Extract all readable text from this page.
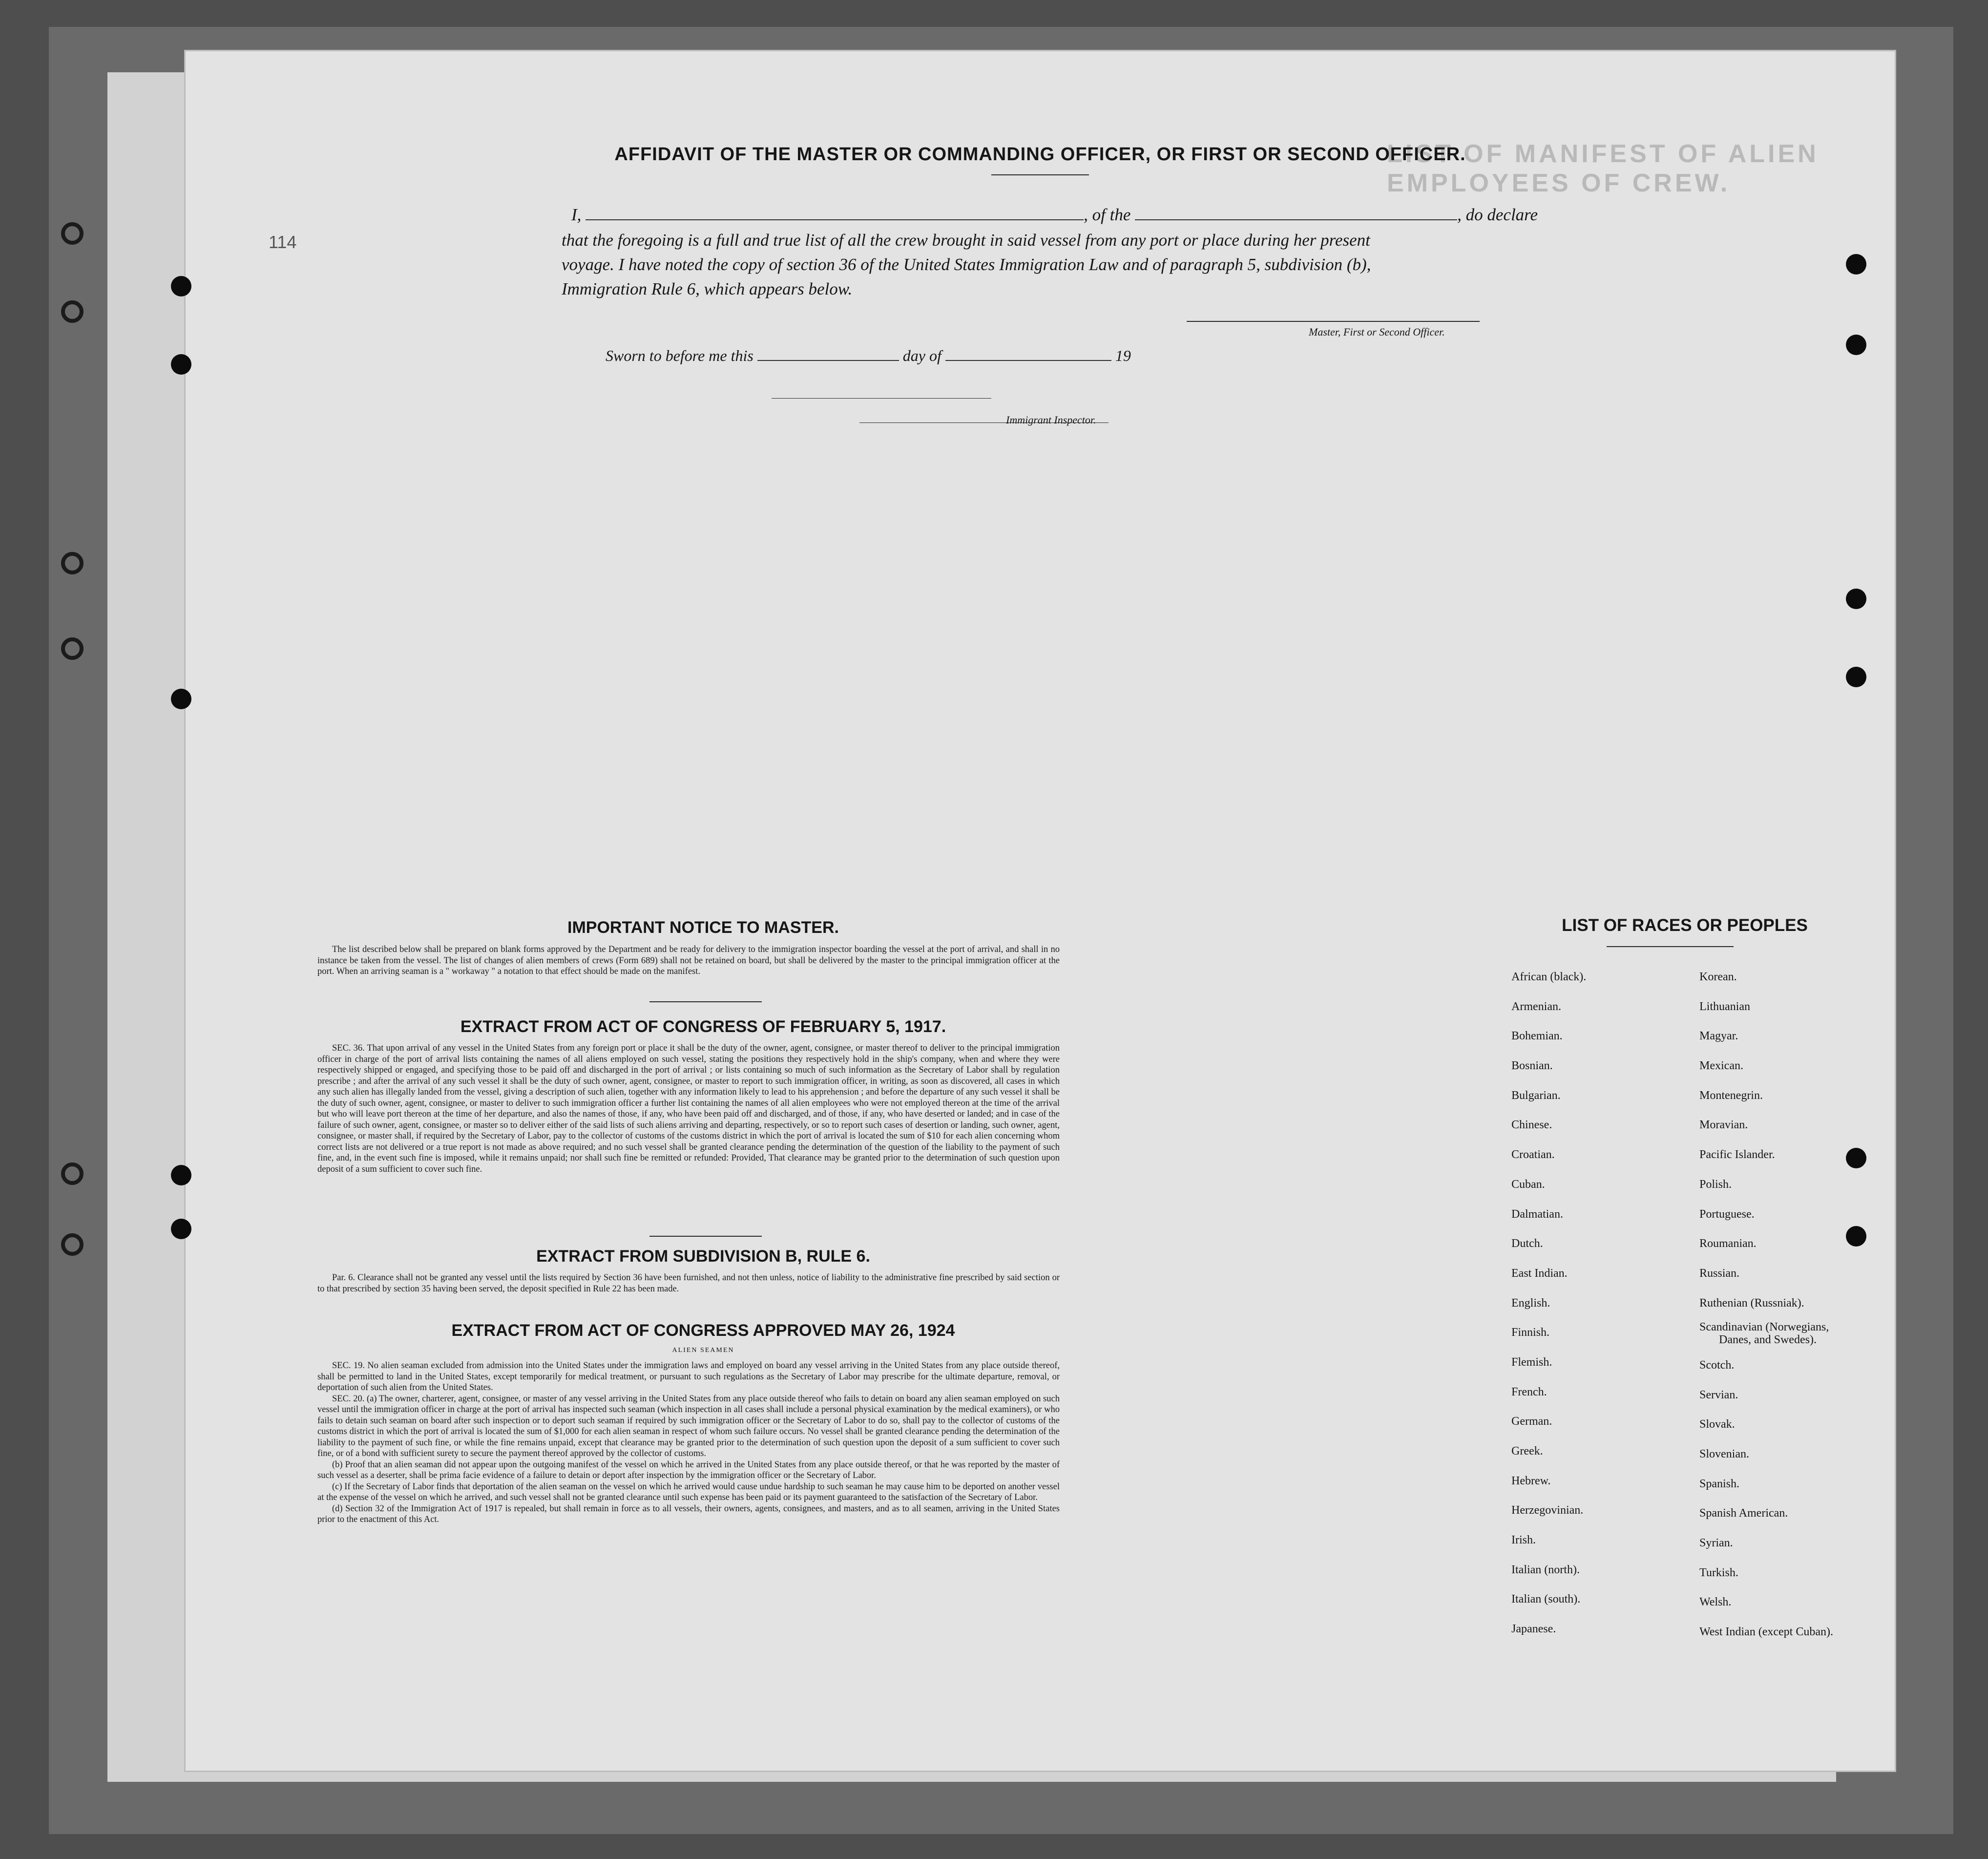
LIST OF MANIFEST OF ALIEN EMPLOYEES OF CREW.
114
AFFIDAVIT OF THE MASTER OR COMMANDING OFFICER, OR FIRST OR SECOND OFFICER.
I,	, of the	, do declare
that the foregoing is a full and true list of all the crew brought in said vessel from any port or place during her present
voyage. I have noted the copy of section 36 of the United States Immigration Law and of paragraph 5, subdivision (b),
Immigration Rule 6, which appears below.
Master, First or Second Officer.
Sworn to before me this	day of	19
Immigrant Inspector.
IMPORTANT NOTICE TO MASTER.

The list described below shall be prepared on blank forms approved by the Department and be ready for delivery to the immigration inspector boarding the vessel at the port of arrival, and shall in no instance be taken from the vessel. The list of changes of alien members of crews (Form 689) shall not be retained on board, but shall be delivered by the master to the principal immigration officer at the port. When an arriving seaman is a " workaway " a notation to that effect should be made on the manifest.

EXTRACT FROM ACT OF CONGRESS OF FEBRUARY 5, 1917.

SEC. 36. That upon arrival of any vessel in the United States from any foreign port or place it shall be the duty of the owner, agent, consignee, or master thereof to deliver to the principal immigration officer in charge of the port of arrival lists containing the names of all aliens employed on such vessel, stating the positions they respectively hold in the ship's company, when and where they were respectively shipped or engaged, and specifying those to be paid off and discharged in the port of arrival ; or lists containing so much of such information as the Secretary of Labor shall by regulation prescribe ; and after the arrival of any such vessel it shall be the duty of such owner, agent, consignee, or master to report to such immigration officer, in writing, as soon as discovered, all cases in which any such alien has illegally landed from the vessel, giving a description of such alien, together with any information likely to lead to his apprehension ; and before the departure of any such vessel it shall be the duty of such owner, agent, consignee, or master to deliver to such immigration officer a further list containing the names of all alien employees who were not employed thereon at the time of the arrival but who will leave port thereon at the time of her departure, and also the names of those, if any, who have been paid off and discharged, and of those, if any, who have deserted or landed; and in case of the failure of such owner, agent, consignee, or master so to deliver either of the said lists of such aliens arriving and departing, respectively, or so to report such cases of desertion or landing, such owner, agent, consignee, or master shall, if required by the Secretary of Labor, pay to the collector of customs of the customs district in which the port of arrival is located the sum of $10 for each alien concerning whom correct lists are not delivered or a true report is not made as above required; and no such vessel shall be granted clearance pending the determination of the question of the liability to the payment of such fine, and, in the event such fine is imposed, while it remains unpaid; nor shall such fine be remitted or refunded: Provided, That clearance may be granted prior to the determination of such question upon deposit of a sum sufficient to cover such fine.

EXTRACT FROM SUBDIVISION B, RULE 6.

Par. 6. Clearance shall not be granted any vessel until the lists required by Section 36 have been furnished, and not then unless, notice of liability to the administrative fine prescribed by said section or to that prescribed by section 35 having been served, the deposit specified in Rule 22 has been made.

EXTRACT FROM ACT OF CONGRESS APPROVED MAY 26, 1924
ALIEN SEAMEN

SEC. 19. No alien seaman excluded from admission into the United States under the immigration laws and employed on board any vessel arriving in the United States from any place outside thereof, shall be permitted to land in the United States, except temporarily for medical treatment, or pursuant to such regulations as the Secretary of Labor may prescribe for the ultimate departure, removal, or deportation of such alien from the United States.

SEC. 20. (a) The owner, charterer, agent, consignee, or master of any vessel arriving in the United States from any place outside thereof who fails to detain on board any alien seaman employed on such vessel until the immigration officer in charge at the port of arrival has inspected such seaman (which inspection in all cases shall include a personal physical examination by the medical examiners), or who fails to detain such seaman on board after such inspection or to deport such seaman if required by such immigration officer or the Secretary of Labor to do so, shall pay to the collector of customs of the customs district in which the port of arrival is located the sum of $1,000 for each alien seaman in respect of whom such failure occurs. No vessel shall be granted clearance pending the determination of the liability to the payment of such fine, or while the fine remains unpaid, except that clearance may be granted prior to the determination of such question upon the deposit of a sum sufficient to cover such fine, or of a bond with sufficient surety to secure the payment thereof approved by the collector of customs.

(b) Proof that an alien seaman did not appear upon the outgoing manifest of the vessel on which he arrived in the United States from any place outside thereof, or that he was reported by the master of such vessel as a deserter, shall be prima facie evidence of a failure to detain or deport after inspection by the immigration officer or the Secretary of Labor.

(c) If the Secretary of Labor finds that deportation of the alien seaman on the vessel on which he arrived would cause undue hardship to such seaman he may cause him to be deported on another vessel at the expense of the vessel on which he arrived, and such vessel shall not be granted clearance until such expense has been paid or its payment guaranteed to the satisfaction of the Secretary of Labor.

(d) Section 32 of the Immigration Act of 1917 is repealed, but shall remain in force as to all vessels, their owners, agents, consignees, and masters, and as to all seamen, arriving in the United States prior to the enactment of this Act.

LIST OF RACES OR PEOPLES
African (black).
Armenian.
Bohemian.
Bosnian.
Bulgarian.
Chinese.
Croatian.
Cuban.
Dalmatian.
Dutch.
East Indian.
English.
Finnish.
Flemish.
French.
German.
Greek.
Hebrew.
Herzegovinian.
Irish.
Italian (north).
Italian (south).
Japanese.
Korean.
Lithuanian
Magyar.
Mexican.
Montenegrin.
Moravian.
Pacific Islander.
Polish.
Portuguese.
Roumanian.
Russian.
Ruthenian (Russniak).
Scandinavian (Norwegians,
Danes, and Swedes).
Scotch.
Servian.
Slovak.
Slovenian.
Spanish.
Spanish American.
Syrian.
Turkish.
Welsh.
West Indian (except Cuban).
